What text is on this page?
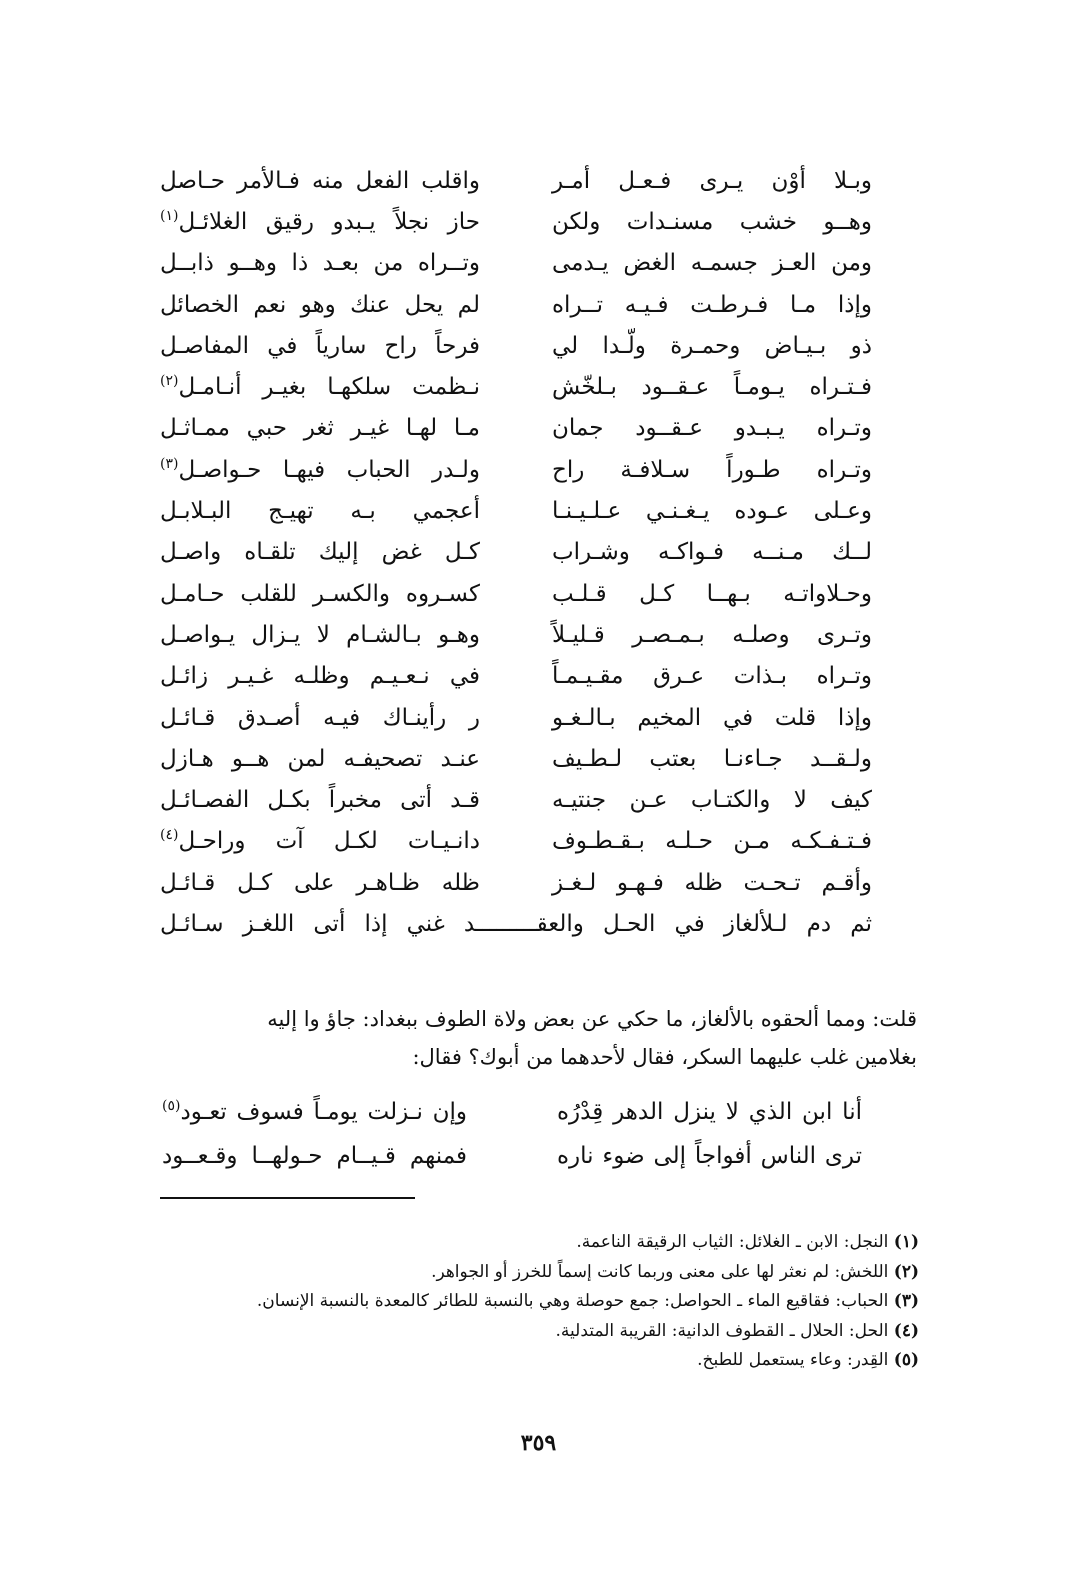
وبـلا أوْن يـرى فـعـل أمـر
واقلب الفعل منه فـالأمر حـاصل
وهــو خشب مسنـدات ولكن
حاز نجلاً يـبدو رقيق الغلائـل$^{(١)}$
ومن العـز جسمـه الغض يـدمى
وتــراه من بعـد ذا وهــو ذابــل
وإذا مـا فـرطـت فـيـه تــراه
لم يحل عنك وهو نعم الخصائل
ذو بـيـاض وحمـرة ولّـدا لي
فرحاً راح سارياً في المفاصـل
فـتـراه يـومـاً عـقــود بـلخّش
نـظمت سلكهـا بغيـر أنـامـل$^{(٢)}$
وتـراه يـبـدو عـقــود جمان
مـا لهـا غيـر ثغر حبي ممـاثـل
وتـراه طـوراً سـلافـة راح
ولـدر الحباب فيهـا حـواصـل$^{(٣)}$
وعـلى عـوده يـغـنـي عـلـيـنـا
أعجمي بـه تهيـج البـلابـل
لــك مـنــه فـواكـه وشـراب
كـل غض إليك تلقـاه واصـل
وحـلاواتـه بـهــا كـل قـلـب
كسـروه والكسـر للقلب حـامـل
وتـرى وصلـه بـمـصـر قـليـلاً
وهـو بـالشـام لا يـزال يـواصـل
وتـراه بـذات عـرق مقـيـمـاً
في نـعـيـم وظلـه غـيـر زائـل
وإذا قلت في المخيم بـالـغـو
ر رأينـاك فيـه أصـدق قـائـل
ولـقــد جـاءنـا بعتب لـطـيف
عنـد تصحيفـه لمن هــو هـازل
كيف لا والكتـاب عـن جنتيـه
قـد أتى مخبراً بكـل الفصـائـل
فـتـفـكـه مـن حـلـه بـقـطـوف
دانـيـات لكـل آت وراحـل$^{(٤)}$
وأقـم تـحـت ظله فـهـو لـغـز
ظله ظـاهـر على كـل قـائـل
ثم دم لـلألغاز في الحـل والعقـــــــــد غني إذا أتى اللغـز سـائـل

قلت: ومما ألحقوه بالألغاز، ما حكي عن بعض ولاة الطوف ببغداد: جاؤ وا إليه

بغلامين غلب عليهما السكر، فقال لأحدهما من أبوك؟ فقال:

أنا ابن الذي لا ينزل الدهر قِدْرُه
وإن نـزلت يومـاً فسوف تعـود$^{(٥)}$
ترى الناس أفواجاً إلى ضوء ناره
فمنهم قـيــام حـولهــا وقـعــود
(١) النجل: الابن ـ الغلائل: الثياب الرقيقة الناعمة.
(٢) اللخش: لم نعثر لها على معنى وربما كانت إسماً للخرز أو الجواهر.
(٣) الحباب: فقاقيع الماء ـ الحواصل: جمع حوصلة وهي بالنسبة للطائر كالمعدة بالنسبة الإنسان.
(٤) الحل: الحلال ـ القطوف الدانية: القريبة المتدلية.
(٥) القِدر: وعاء يستعمل للطبخ.
٣٥٩
